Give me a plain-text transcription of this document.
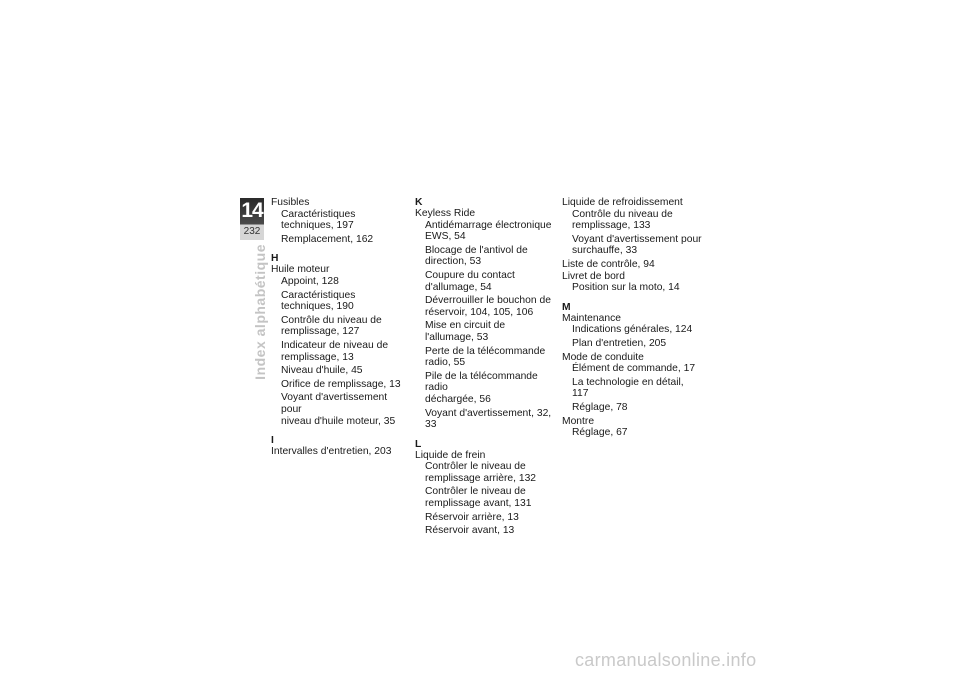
14
232
Index alphabétique
Fusibles
Caractéristiques
techniques, 197
Remplacement, 162
H
Huile moteur
Appoint, 128
Caractéristiques
techniques, 190
Contrôle du niveau de
remplissage, 127
Indicateur de niveau de
remplissage, 13
Niveau d'huile, 45
Orifice de remplissage, 13
Voyant d'avertissement pour
niveau d'huile moteur, 35
I
Intervalles d'entretien, 203
K
Keyless Ride
Antidémarrage électronique
EWS, 54
Blocage de l'antivol de
direction, 53
Coupure du contact
d'allumage, 54
Déverrouiller le bouchon de
réservoir, 104, 105, 106
Mise en circuit de
l'allumage, 53
Perte de la télécommande
radio, 55
Pile de la télécommande radio
déchargée, 56
Voyant d'avertissement, 32, 33
L
Liquide de frein
Contrôler le niveau de
remplissage arrière, 132
Contrôler le niveau de
remplissage avant, 131
Réservoir arrière, 13
Réservoir avant, 13
Liquide de refroidissement
Contrôle du niveau de
remplissage, 133
Voyant d'avertissement pour
surchauffe, 33
Liste de contrôle, 94
Livret de bord
Position sur la moto, 14
M
Maintenance
Indications générales, 124
Plan d'entretien, 205
Mode de conduite
Élément de commande, 17
La technologie en détail, 117
Réglage, 78
Montre
Réglage, 67
carmanualsonline.info
